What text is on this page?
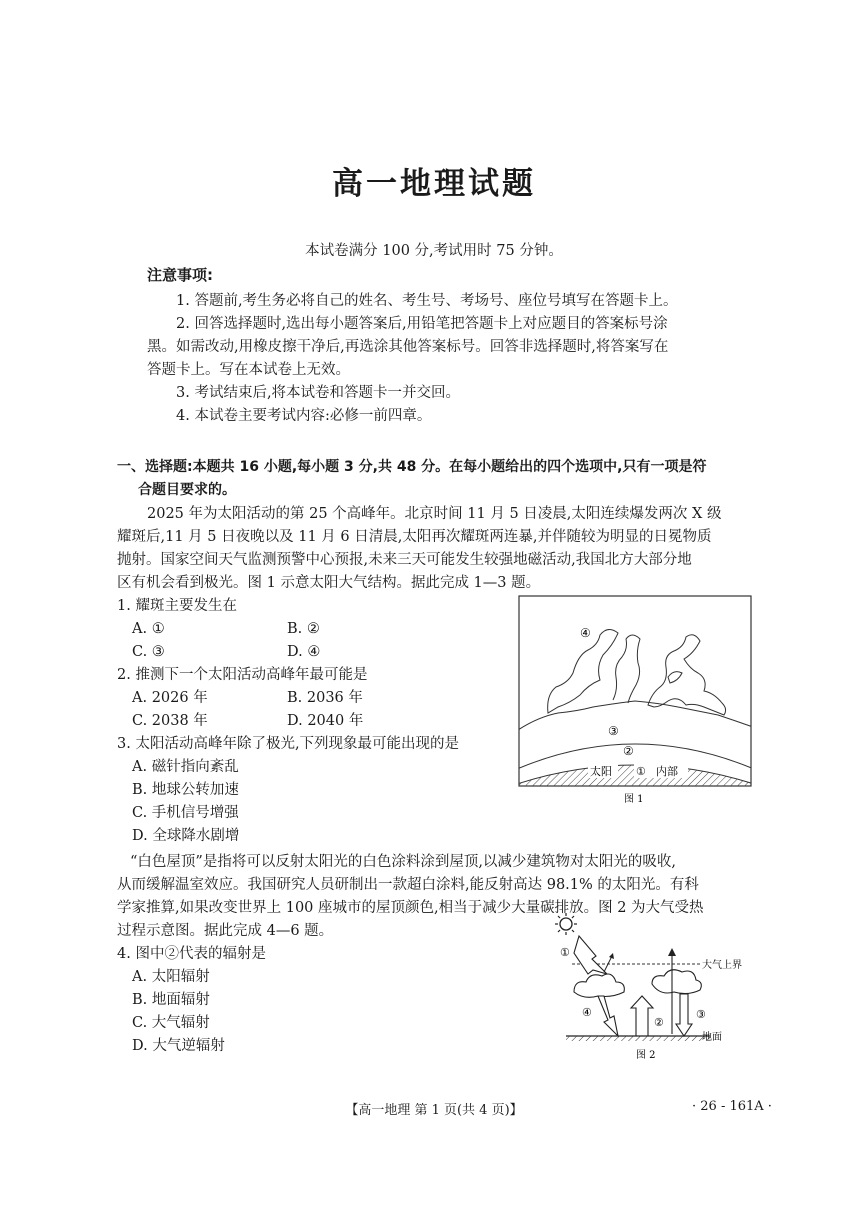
高一地理试题
本试卷满分 100 分,考试用时 75 分钟。
注意事项:
1. 答题前,考生务必将自己的姓名、考生号、考场号、座位号填写在答题卡上。
2. 回答选择题时,选出每小题答案后,用铅笔把答题卡上对应题目的答案标号涂
黑。如需改动,用橡皮擦干净后,再选涂其他答案标号。回答非选择题时,将答案写在
答题卡上。写在本试卷上无效。
3. 考试结束后,将本试卷和答题卡一并交回。
4. 本试卷主要考试内容:必修一前四章。
一、选择题:本题共 16 小题,每小题 3 分,共 48 分。在每小题给出的四个选项中,只有一项是符
合题目要求的。
2025 年为太阳活动的第 25 个高峰年。北京时间 11 月 5 日凌晨,太阳连续爆发两次 X 级
耀斑后,11 月 5 日夜晚以及 11 月 6 日清晨,太阳再次耀斑两连暴,并伴随较为明显的日冕物质
抛射。国家空间天气监测预警中心预报,未来三天可能发生较强地磁活动,我国北方大部分地
区有机会看到极光。图 1 示意太阳大气结构。据此完成 1—3 题。
1. 耀斑主要发生在
A. ①	B. ②
C. ③	D. ④
2. 推测下一个太阳活动高峰年最可能是
A. 2026 年	B. 2036 年
C. 2038 年	D. 2040 年
3. 太阳活动高峰年除了极光,下列现象最可能出现的是
A. 磁针指向紊乱
B. 地球公转加速
C. 手机信号增强
D. 全球降水剧增
④
③
②
太阳 ① 内部
图 1
“白色屋顶”是指将可以反射太阳光的白色涂料涂到屋顶,以减少建筑物对太阳光的吸收,
从而缓解温室效应。我国研究人员研制出一款超白涂料,能反射高达 98.1% 的太阳光。有科
学家推算,如果改变世界上 100 座城市的屋顶颜色,相当于减少大量碳排放。图 2 为大气受热
过程示意图。据此完成 4—6 题。
4. 图中②代表的辐射是
A. 太阳辐射
B. 地面辐射
C. 大气辐射
D. 大气逆辐射
大气上界
①
④
②
③
地面
图 2
【高一地理 第 1 页(共 4 页)】	· 26 - 161A ·
